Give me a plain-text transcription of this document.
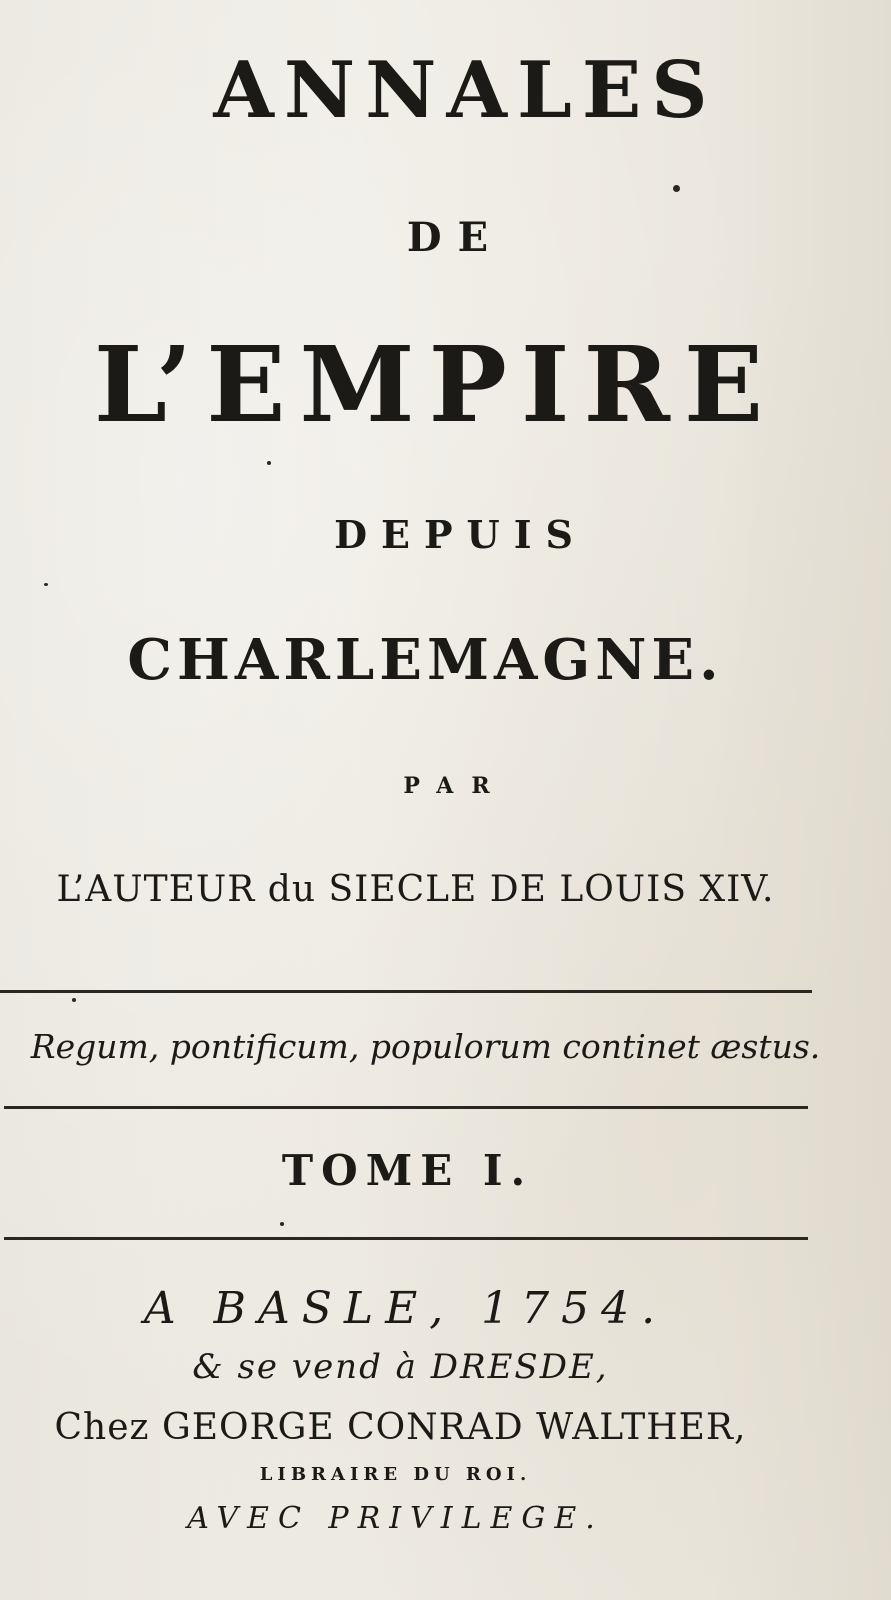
ANNALES
DE
L’EMPIRE
DEPUIS
CHARLEMAGNE.
PAR
L’AUTEUR du SIECLE DE LOUIS XIV.
Regum, pontificum, populorum continet æstus.
TOME I.
A BASLE, 1754.
& se vend à DRESDE,
Chez GEORGE CONRAD WALTHER,
LIBRAIRE DU ROI.
AVEC PRIVILEGE.
